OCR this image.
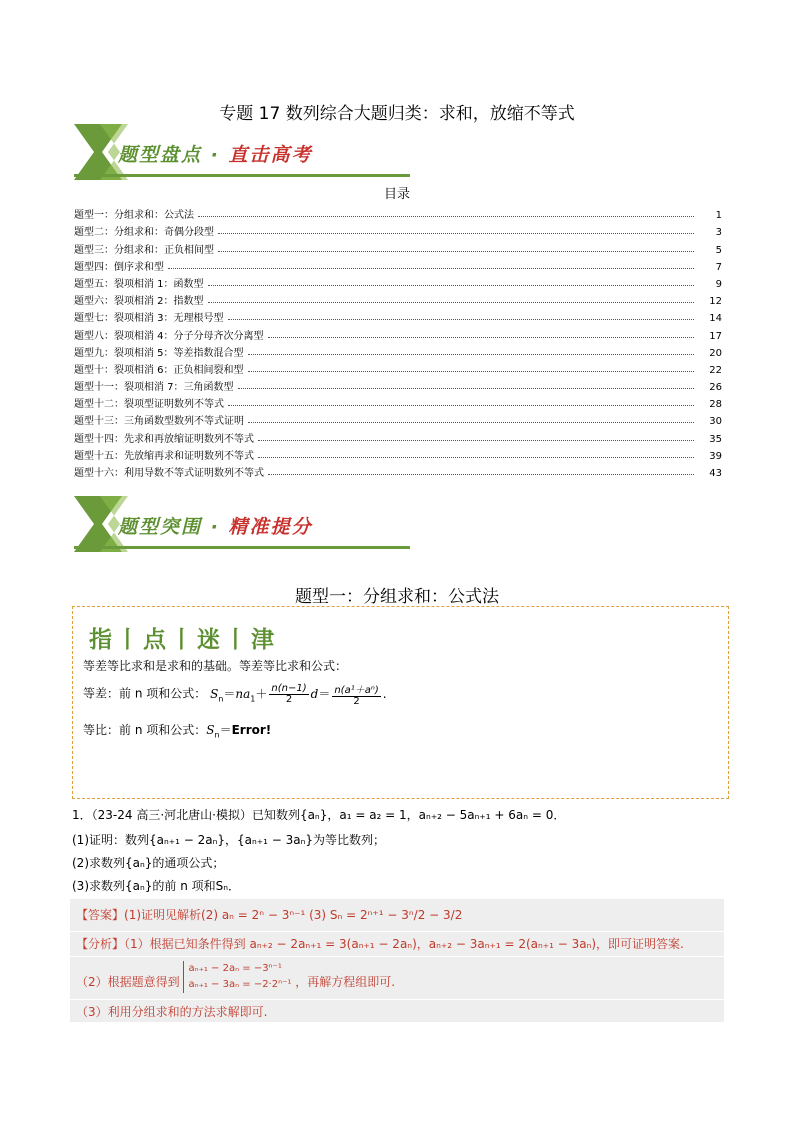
专题 17 数列综合大题归类：求和，放缩不等式
题型盘点 · 直击高考
目录
题型一：分组求和：公式法	1
题型二：分组求和：奇偶分段型	3
题型三：分组求和：正负相间型	5
题型四：倒序求和型	7
题型五：裂项相消 1：函数型	9
题型六：裂项相消 2：指数型	12
题型七：裂项相消 3：无理根号型	14
题型八：裂项相消 4：分子分母齐次分离型	17
题型九：裂项相消 5：等差指数混合型	20
题型十：裂项相消 6：正负相间裂和型	22
题型十一：裂项相消 7：三角函数型	26
题型十二：裂项型证明数列不等式	28
题型十三：三角函数型数列不等式证明	30
题型十四：先求和再放缩证明数列不等式	35
题型十五：先放缩再求和证明数列不等式	39
题型十六：利用导数不等式证明数列不等式	43
题型突围 · 精准提分
题型一：分组求和：公式法
指丨点丨迷丨津
等差等比求和是求和的基础。等差等比求和公式：
等差：前 n 项和公式： $S_n=na_1+ \frac{n(n-1)}{2} d= \frac{\text{n(a¹＋aⁿ)}}{2}$ .
等比：前 n 项和公式：$S_n=Error$!
1．（23-24 高三·河北唐山·模拟）已知数列{aₙ}，a₁ = a₂ = 1，aₙ₊₂ − 5aₙ₊₁ + 6aₙ = 0．
(1)证明：数列{aₙ₊₁ − 2aₙ}，{aₙ₊₁ − 3aₙ}为等比数列；
(2)求数列{aₙ}的通项公式；
(3)求数列{aₙ}的前 n 项和Sₙ．
【答案】(1)证明见解析(2) aₙ = 2ⁿ − 3ⁿ⁻¹ (3) Sₙ = 2ⁿ⁺¹ − 3ⁿ/2 − 3/2
【分析】（1）根据已知条件得到 aₙ₊₂ − 2aₙ₊₁ = 3(aₙ₊₁ − 2aₙ)，aₙ₊₂ − 3aₙ₊₁ = 2(aₙ₊₁ − 3aₙ)，即可证明答案.
（2）根据题意得到 aₙ₊₁ − 2aₙ = −3ⁿ⁻¹
aₙ₊₁ − 3aₙ = −2·2ⁿ⁻¹ ，再解方程组即可.
（3）利用分组求和的方法求解即可.
